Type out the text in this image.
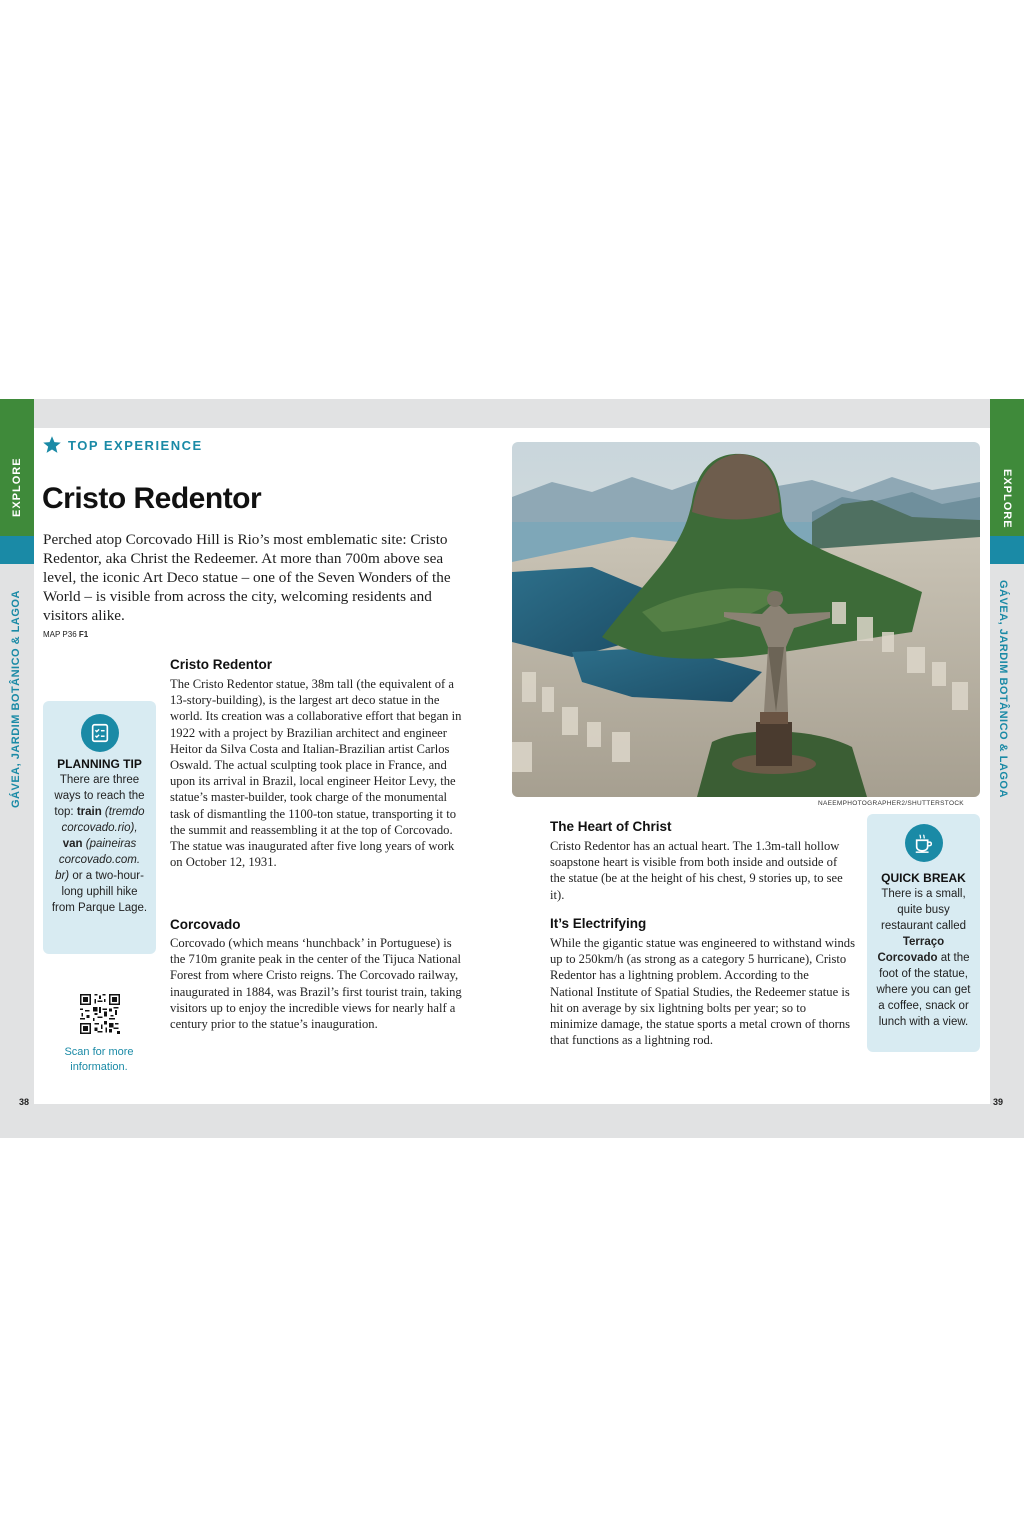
EXPLORE
GÁVEA, JARDIM BOTÂNICO & LAGOA
EXPLORE
GÁVEA, JARDIM BOTÂNICO & LAGOA
TOP EXPERIENCE
Cristo Redentor

Perched atop Corcovado Hill is Rio’s most emblematic site: Cristo Redentor, aka Christ the Redeemer. At more than 700m above sea level, the iconic Art Deco statue – one of the Seven Wonders of the World – is visible from across the city, welcoming residents and visitors alike.

MAP P36 F1
Cristo Redentor

The Cristo Redentor statue, 38m tall (the equivalent of a 13-story-building), is the largest art deco statue in the world. Its creation was a collaborative effort that began in 1922 with a project by Brazilian architect and engineer Heitor da Silva Costa and Italian-Brazilian artist Carlos Oswald. The actual sculpting took place in France, and upon its arrival in Brazil, local engineer Heitor Levy, the statue’s master-builder, took charge of the monumental task of dismantling the 1100-ton statue, transporting it to the summit and reassembling it at the top of Corcovado. The statue was inaugurated after five long years of work on October 12, 1931.

Corcovado

Corcovado (which means ‘hunchback’ in Portuguese) is the 710m granite peak in the center of the Tijuca National Forest from where Cristo reigns. The Corcovado railway, inaugurated in 1884, was Brazil’s first tourist train, taking visitors up to enjoy the incredible views for nearly half a century prior to the statue’s inauguration.

PLANNING TIP
There are three ways to reach the top: train (tremdo corcovado.rio), van (paineiras corcovado.com. br) or a two-hour-long uphill hike from Parque Lage.

Scan for more information.

NAEEMPHOTOGRAPHER2/SHUTTERSTOCK
The Heart of Christ

Cristo Redentor has an actual heart. The 1.3m-tall hollow soapstone heart is visible from both inside and outside of the statue (be at the height of his chest, 9 stories up, to see it).

It’s Electrifying

While the gigantic statue was engineered to withstand winds up to 250km/h (as strong as a category 5 hurricane), Cristo Redentor has a lightning problem. According to the National Institute of Spatial Studies, the Redeemer statue is hit on average by six lightning bolts per year; so to minimize damage, the statue sports a metal crown of thorns that functions as a lightning rod.

QUICK BREAK
There is a small, quite busy restaurant called Terraço Corcovado at the foot of the statue, where you can get a coffee, snack or lunch with a view.
38	39
